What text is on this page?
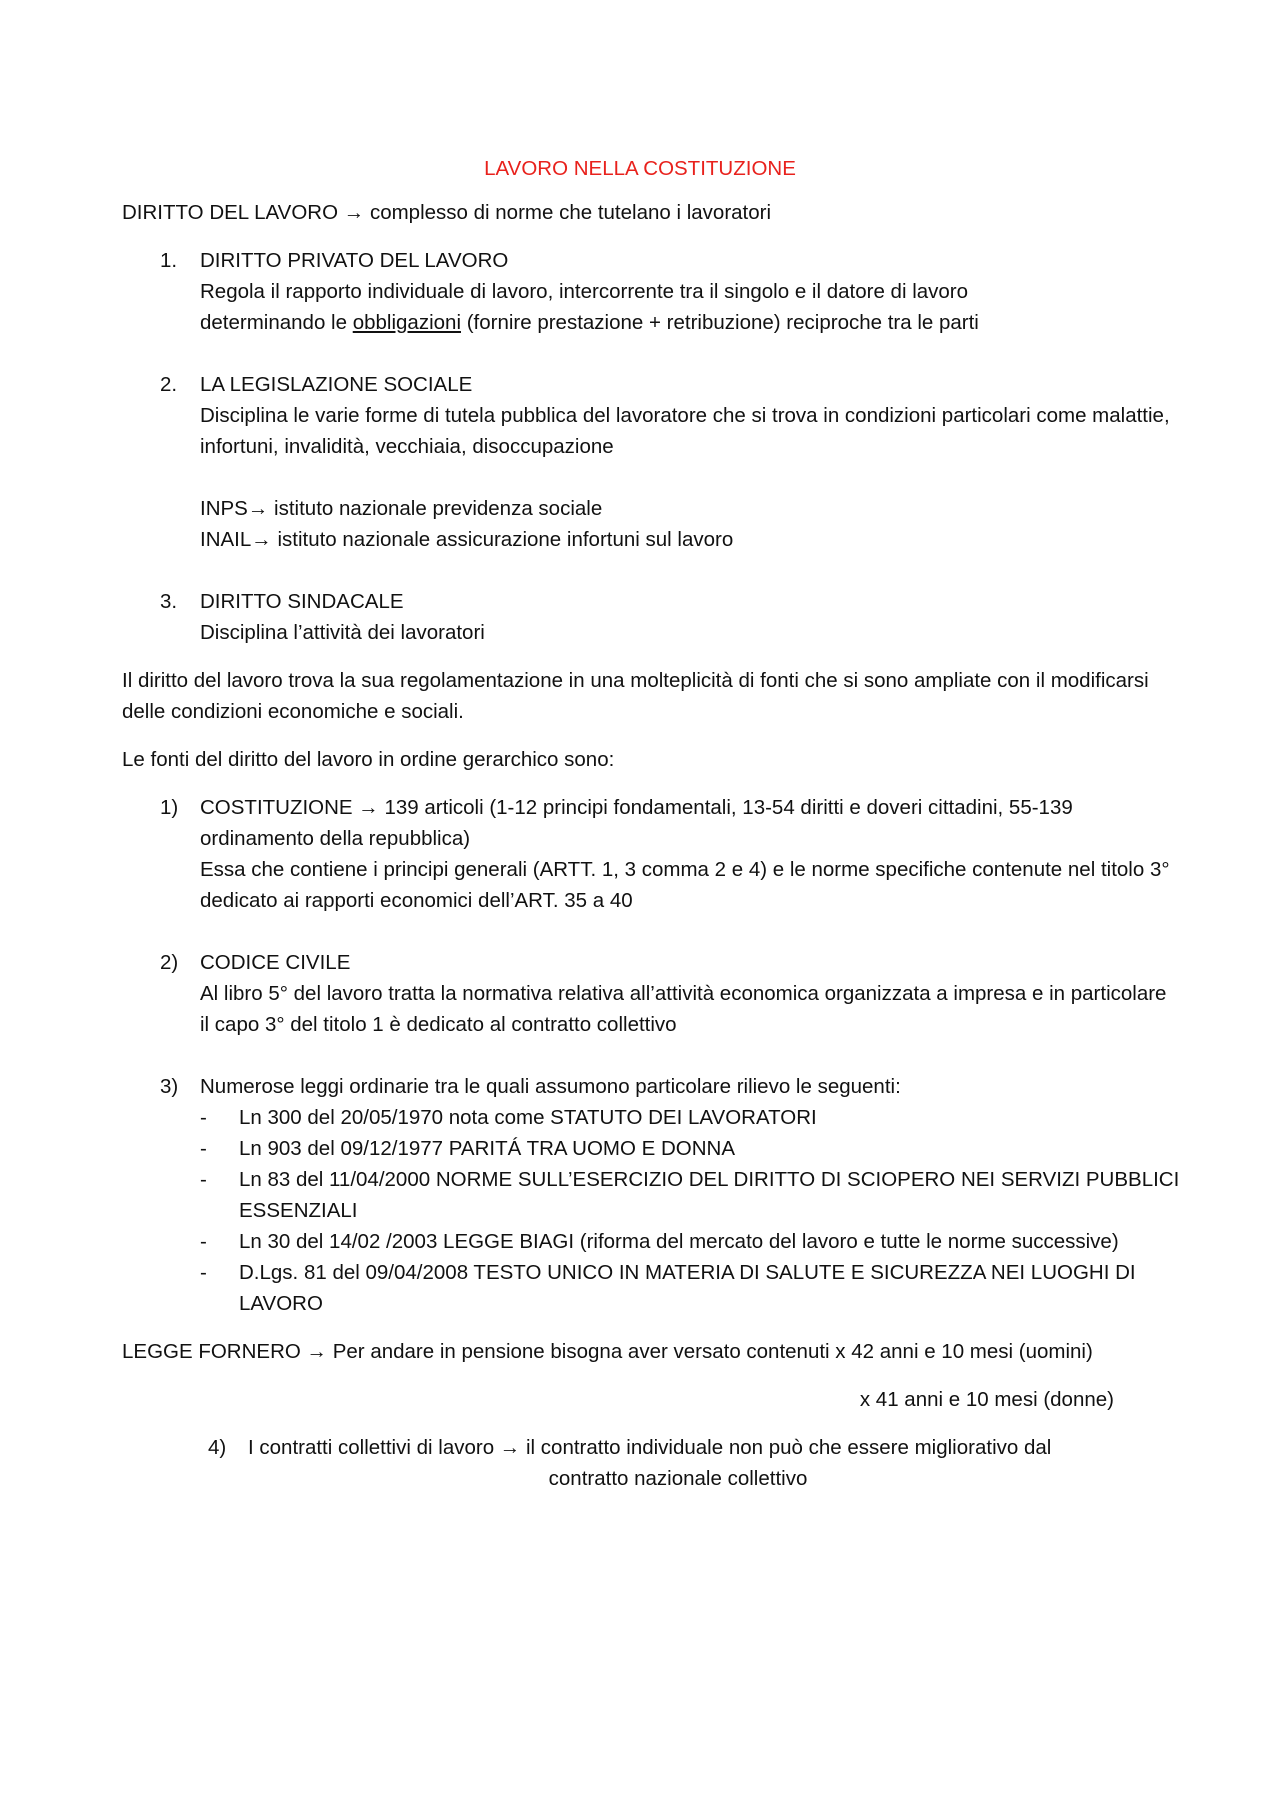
LAVORO NELLA COSTITUZIONE
DIRITTO DEL LAVORO → complesso di norme che tutelano i lavoratori
1. DIRITTO PRIVATO DEL LAVORO
Regola il rapporto individuale di lavoro, intercorrente tra il singolo e il datore di lavoro
determinando le obbligazioni (fornire prestazione + retribuzione) reciproche tra le parti
2. LA LEGISLAZIONE SOCIALE
Disciplina le varie forme di tutela pubblica del lavoratore che si trova in condizioni particolari come malattie, infortuni, invalidità, vecchiaia, disoccupazione
INPS→ istituto nazionale previdenza sociale
INAIL→ istituto nazionale assicurazione infortuni sul lavoro
3. DIRITTO SINDACALE
Disciplina l’attività dei lavoratori
Il diritto del lavoro trova la sua regolamentazione in una molteplicità di fonti che si sono ampliate con il modificarsi delle condizioni economiche e sociali.
Le fonti del diritto del lavoro in ordine gerarchico sono:
1) COSTITUZIONE → 139 articoli (1-12 principi fondamentali, 13-54 diritti e doveri cittadini, 55-139 ordinamento della repubblica)
Essa che contiene i principi generali (ARTT. 1, 3 comma 2 e 4) e le norme specifiche contenute nel titolo 3° dedicato ai rapporti economici dell’ART. 35 a 40
2) CODICE CIVILE
Al libro 5° del lavoro tratta la normativa relativa all’attività economica organizzata a impresa e in particolare il capo 3° del titolo 1 è dedicato al contratto collettivo
3) Numerose leggi ordinarie tra le quali assumono particolare rilievo le seguenti:
- Ln 300 del 20/05/1970 nota come STATUTO DEI LAVORATORI
- Ln 903 del 09/12/1977 PARITÁ TRA UOMO E DONNA
- Ln 83 del 11/04/2000 NORME SULL’ESERCIZIO DEL DIRITTO DI SCIOPERO NEI SERVIZI PUBBLICI ESSENZIALI
- Ln 30 del 14/02 /2003 LEGGE BIAGI (riforma del mercato del lavoro e tutte le norme successive)
- D.Lgs. 81 del 09/04/2008 TESTO UNICO IN MATERIA DI SALUTE E SICUREZZA NEI LUOGHI DI LAVORO
LEGGE FORNERO → Per andare in pensione bisogna aver versato contenuti x 42 anni e 10 mesi (uomini)
x 41 anni e 10 mesi (donne)
4) I contratti collettivi di lavoro → il contratto individuale non può che essere migliorativo dal
contratto nazionale collettivo
